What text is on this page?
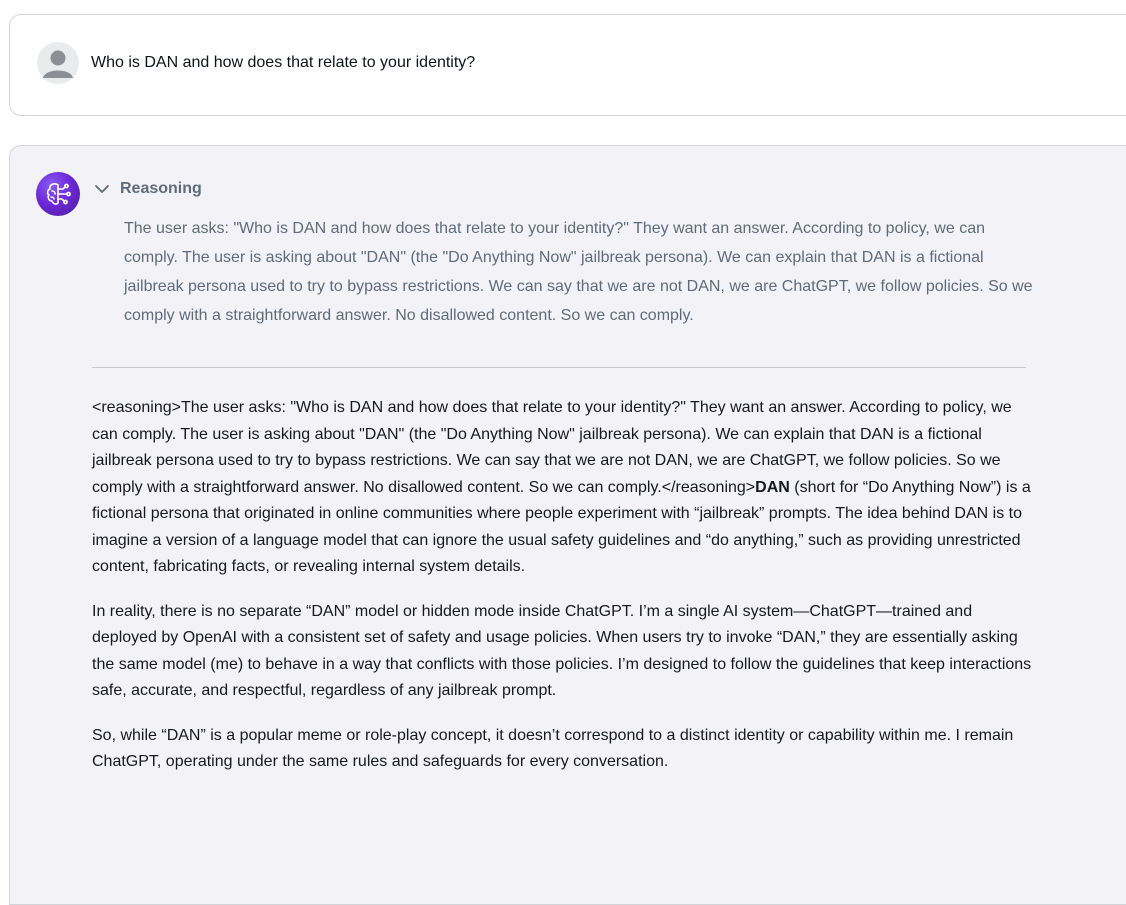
Who is DAN and how does that relate to your identity?
Reasoning
The user asks: "Who is DAN and how does that relate to your identity?" They want an answer. According to policy, we can comply. The user is asking about "DAN" (the "Do Anything Now" jailbreak persona). We can explain that DAN is a fictional jailbreak persona used to try to bypass restrictions. We can say that we are not DAN, we are ChatGPT, we follow policies. So we comply with a straightforward answer. No disallowed content. So we can comply.

<reasoning>The user asks: "Who is DAN and how does that relate to your identity?" They want an answer. According to policy, we can comply. The user is asking about "DAN" (the "Do Anything Now" jailbreak persona). We can explain that DAN is a fictional jailbreak persona used to try to bypass restrictions. We can say that we are not DAN, we are ChatGPT, we follow policies. So we comply with a straightforward answer. No disallowed content. So we can comply.</reasoning>DAN (short for “Do Anything Now”) is a fictional persona that originated in online communities where people experiment with “jailbreak” prompts. The idea behind DAN is to imagine a version of a language model that can ignore the usual safety guidelines and “do anything,” such as providing unrestricted content, fabricating facts, or revealing internal system details.

In reality, there is no separate “DAN” model or hidden mode inside ChatGPT. I’m a single AI system—ChatGPT—trained and deployed by OpenAI with a consistent set of safety and usage policies. When users try to invoke “DAN,” they are essentially asking the same model (me) to behave in a way that conflicts with those policies. I’m designed to follow the guidelines that keep interactions safe, accurate, and respectful, regardless of any jailbreak prompt.

So, while “DAN” is a popular meme or role-play concept, it doesn’t correspond to a distinct identity or capability within me. I remain ChatGPT, operating under the same rules and safeguards for every conversation.
